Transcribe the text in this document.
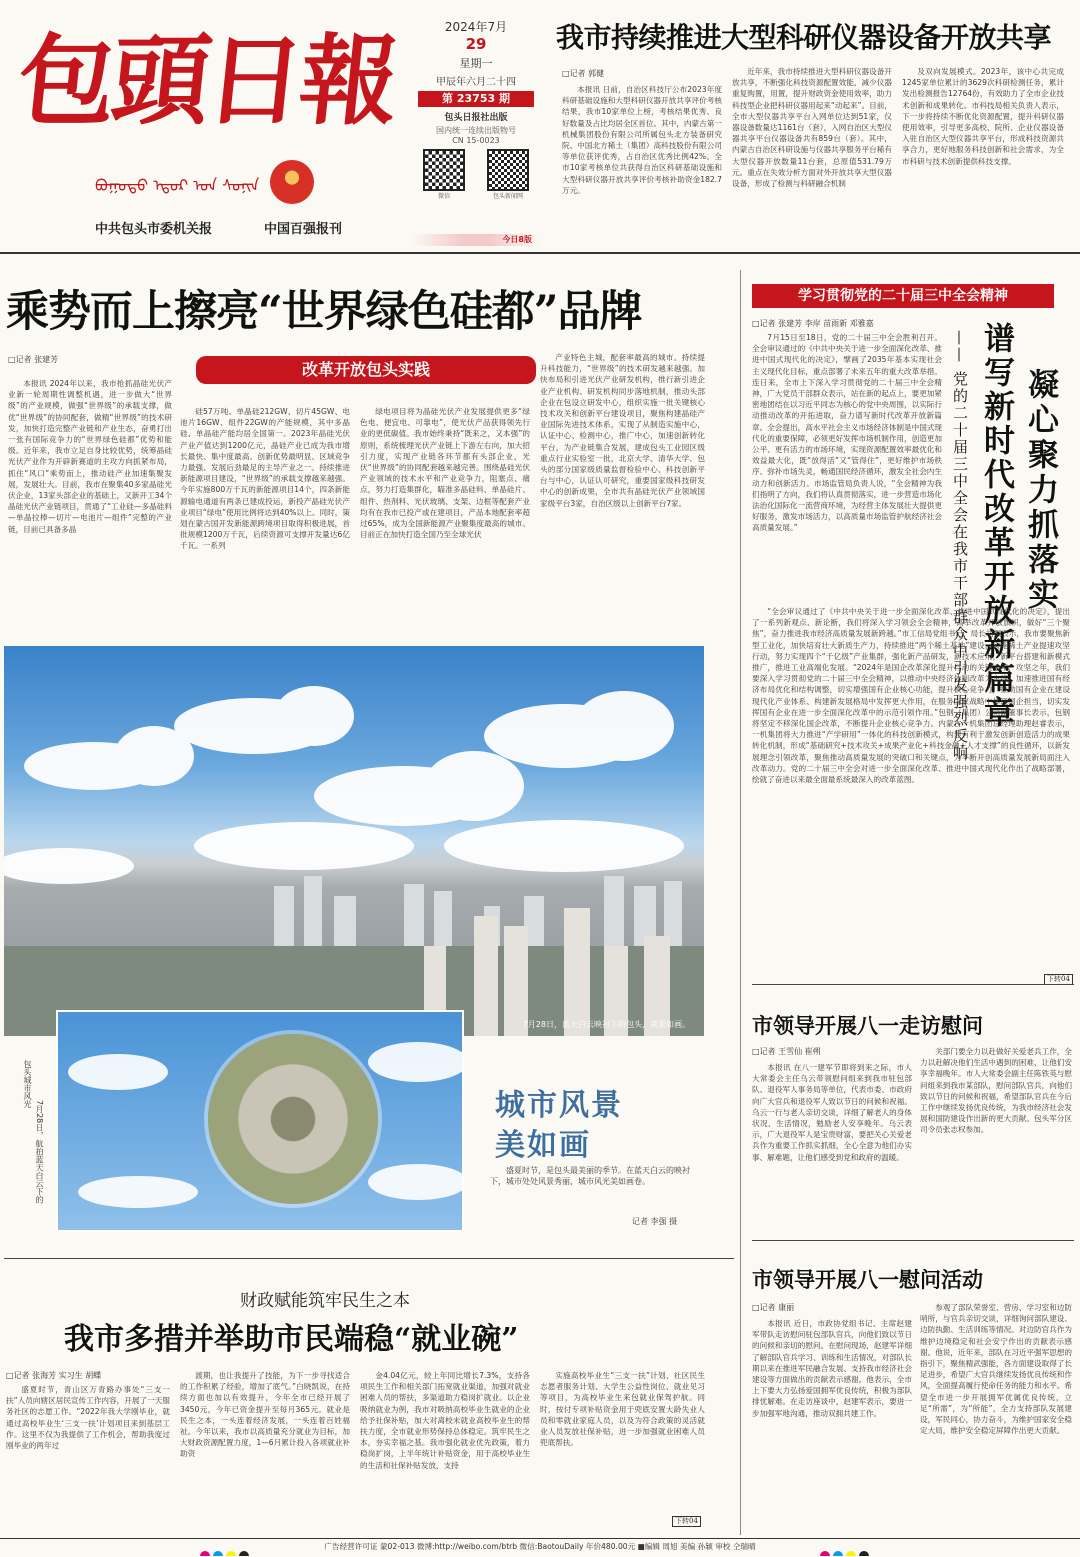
包頭日報
ᠪᠤᠭᠤᠲᠤ ᠡᠳᠦᠷ ᠤᠨ ᠰᠣᠨᠢᠨ
中共包头市委机关报	中国百强报刊
2024年7月
29
星期一
甲辰年六月二十四
第 23753 期
包头日报社出版
国内统一连续出版物号
CN 15-0023
微信	包头新闻网
今日8版
我市持续推进大型科研仪器设备开放共享
□记者 郭健

本报讯 日前，自治区科技厅公布2023年度科研基础设施和大型科研仪器开放共享评价考核结果，我市10家单位上榜，考核结果优秀、良好数量及占比均居全区首位。其中，内蒙古第一机械集团股份有限公司所属包头北方装备研究院、中国北方稀土（集团）高科技股份有限公司等单位获评优秀，占自治区优秀比例42%。全市10家考核单位共获得自治区科研基础设施和大型科研仪器开放共享评价考核补助资金182.7万元。

近年来，我市持续推进大型科研仪器设备开放共享，不断强化科技资源配置效能，减少仪器重复购置，用置，提升财政资金使用效率，助力科技型企业把科研仪器用起来“动起来”。目前，全市大型仪器共享平台入网单位达到51家，仪器设备数量达1161台（套），入网自治区大型仪器共享平台仪器设备共有859台（套）。其中，内蒙古自治区科研设施与仪器共享服务平台稀有大型仪器开放数量11台套，总原值531.79万元。重点在失效分析方面对外开放共享大型仪器设备，形成了检测与科研融合机制

及双向发展模式。2023年，该中心共完成1245家单位累计的3629次科研检测任务，累计发出检测报告12764份，有效助力了全市企业技术创新和成果转化。市科技局相关负责人表示，下一步将持续不断优化资源配置，提升科研仪器使用效率，引导更多高校、院所、企业仪器设备入驻自治区大型仪器共享平台，形成科技资源共享合力，更好地服务科技创新和社会需求，为全市科研与技术创新提供科技支撑。

乘势而上擦亮“世界绿色硅都”品牌
□记者 张建芳
改革开放包头实践

本报讯 2024年以来，我市抢抓晶硅光伏产业新一轮周期性调整机遇，进一步做大“世界级”的产业规模，做强“世界级”的承载支撑，做优“世界级”的协同配套，做精“世界级”的技术研发，加快打造完整产业链和产业生态，奋勇打出一张有国际竞争力的“世界绿色硅都”优势和能级。近年来，我市立足自身比较优势，统筹晶硅光伏产业作为开辟新赛道的主攻方向抓紧布局，抓住“风口”乘势而上，推动硅产业加速集聚发展，发展壮大。目前，我市在聚集40多家晶硅光伏企业，13家头部企业的基础上，又新开工34个晶硅光伏产业链项目，贯通了“工业硅—多晶硅料—单晶拉棒—切片—电池片—组件”完整的产业链，目前已具备多晶

硅57万吨、单晶硅212GW、切片45GW、电池片16GW、组件22GW的产能规模，其中多晶硅、单晶硅产能均居全国第一。2023年晶硅光伏产业产值达到1200亿元，晶硅产业已成为我市增长最快、集中度最高、创新优势最明显、区域竞争力最强、发展后劲最足的主导产业之一。持续推进新能源项目建设，“世界级”的承载支撑越来越强。今年实施800万千瓦的新能源项目14个，四条新能源输电通道有两条已建成投运，新投产晶硅光伏产业项目“绿电”使用比例将达到40%以上。同时，策划在蒙古国开发新能源跨境项目取得积极进展，首批规模1200万千瓦，后续资源可支撑开发量达6亿千瓦。一系列

绿电项目将为晶硅光伏产业发展提供更多“绿色电、便宜电、可靠电”，使光伏产品获得领先行业的更低碳值。我市始终秉持“既来之，又本强”的原则，系统梳理光伏产业链上下游左右向，加大招引力度，实现产业链各环节都有头部企业，光伏“世界级”的协同配套越来越完善。围绕晶硅光伏产业领域的技术水平和产业竞争力，阻塞点、痛点，努力打造集群化，瞄准多晶硅料、单晶硅片、组件、热剂料、光伏玻璃、支架、边框等配套产业均有在我市已投产或在建项目，产品本地配套率超过65%，成为全国新能源产业聚集度最高的城市。目前正在加快打造全国乃至全球光伏

产业特色主城，配套率最高的城市。持续提升科技能力，“世界级”的技术研发越来越强。加快布局和引进光伏产业研发机构，推行新引进企业产业机构、研发机构同步落地机制，推动头部企业在包设立研发中心，组织实施一批关键核心技术攻关和创新平台建设项目，聚焦构建晶硅产业国际先进技术体系，实现了从制造实施中心，认证中心、检测中心，推广中心，加速创新转化平台，为产业链集合发展，建成包头工业园区级重点行业实验室一批，北京大学、清华大学、包头的部分国家级质量监督检验中心、科技创新平台与中心，认证认可研究，重要国家级科技研发中心的创新成果，全市共有晶硅光伏产业领域国家级平台3家，自治区级以上创新平台7家。

7月28日，蓝天白云映衬下的包头，美景如画。
包头城市风光
7月28日，航拍蓝天白云下的	城市风景
美如画

盛夏时节，是包头最美丽的季节。在蓝天白云的映衬下，城市处处风景秀丽，城市风光美如画卷。

记者 李强 摄
学习贯彻党的二十届三中全会精神
□记者 张建芳 李岸 苗雨新 邓雅嘉
凝心聚力抓落实
谱写新时代改革开放新篇章
—— 党的二十届三中全会在我市干部群众中引发强烈反响

7月15日至18日，党的二十届三中全会胜利召开。全会审议通过的《中共中央关于进一步全面深化改革、推进中国式现代化的决定》，擘画了2035年基本实现社会主义现代化目标，重点部署了未来五年的重大改革举措。连日来，全市上下深入学习贯彻党的二十届三中全会精神，广大党员干部群众表示，站在新的起点上，要更加紧密地团结在以习近平同志为核心的党中央周围，以实际行动推动改革的开拓进取，奋力谱写新时代改革开放新篇章。全会提出，高水平社会主义市场经济体制是中国式现代化的重要保障，必须更好发挥市场机制作用，创造更加公平、更有活力的市场环境，实现资源配置效率最优化和效益最大化，既“放得活”又“管得住”，更好维护市场秩序、弥补市场失灵，畅通国民经济循环，激发全社会内生动力和创新活力。市场监管局负责人说，“全会精神为我们指明了方向，我们将认真贯彻落实，进一步营造市场化法治化国际化一流营商环境，为经营主体发展壮大提供更好服务，激发市场活力，以高质量市场监管护航经济社会高质量发展。”

“全会审议通过了《中共中央关于进一步全面深化改革、推进中国式现代化的决定》，提出了一系列新观点、新论断，我们将深入学习领会全会精神，高举改革开放旗帜，做好“三个聚焦”，奋力推进我市经济高质量发展新跨越。”市工信局党组书记、局长胡振表示，我市要聚焦新型工业化，加快培育壮大新质生产力，持续推进“两个稀土基地”建设，实施稀土产业提速攻坚行动，努力实现四个“千亿级”产业集群，强化新产品研发，新技术应用，新平台搭建和新模式推广，推进工业高端化发展。“2024年是国企改革深化提升行动的关键之年，攻坚之年，我们要深入学习贯彻党的二十届三中全会精神，以推动中央经济体制改革为主线，加速推进国有经济布局优化和结构调整，切实增强国有企业核心功能，提升核心竞争力，推动国有企业在建设现代化产业体系、构建新发展格局中发挥更大作用，在服务国家战略中体现国企担当，切实发挥国有企业在进一步全面深化改革中的示范引领作用。”包钢（集团）公司副董事长表示，包钢将坚定不移深化国企改革，不断提升企业核心竞争力。内蒙古一机集团总经理助理赵睿表示，一机集团将大力推进“产学研用”一体化的科技创新模式，构建有利于激发创新创造活力的成果转化机制，形成“基础研究+技术攻关+成果产业化+科技金融+人才支撑”的良性循环，以新发展理念引领改革，聚焦推动高质量发展的突破口和关键点，为不断开创高质量发展新局面注入改革动力。党的二十届三中全会对进一步全面深化改革、推进中国式现代化作出了战略部署，绘就了奋进以来最全面最系统最深入的改革蓝图。

下转04
市领导开展八一走访慰问
□记者 王雪仙 崔朔

本报讯 在八一建军节即将到来之际，市人大常委会主任乌云带领慰问组来到我市驻包部队、退役军人事务局等单位，代表市委、市政府向广大官兵和退役军人致以节日的问候和祝福。乌云一行与老人亲切交谈，详细了解老人的身体状况、生活情况，勉励老人安享晚年。乌云表示，广大退役军人是宝贵财富，要把关心关爱老兵作为重要工作抓实抓细，全心全意为他们办实事、解难题，让他们感受到党和政府的温暖。

关部门要全力以赴做好关爱老兵工作，全力以赴解决他们生活中遇到的困难，让他们安享幸福晚年。市人大常委会副主任陈铁英与慰问组来到我市某部队，慰问部队官兵，向他们致以节日的问候和祝福，希望部队官兵在今后工作中继续发扬优良传统，为我市经济社会发展和国防建设作出新的更大贡献。包头军分区司令员张志权参加。

市领导开展八一慰问活动
□记者 康丽

本报讯 近日，市政协党组书记、主席赵建军带队走访慰问驻包部队官兵，向他们致以节日的问候和亲切的慰问。在慰问现场，赵建军详细了解部队官兵学习、训练和生活情况，对部队长期以来在推进军民融合发展、支持我市经济社会建设等方面做出的贡献表示感谢。他表示，全市上下要大力弘扬爱国拥军优良传统，积极为部队排忧解难。在走访座谈中，赵建军表示，要进一步加强军地沟通，推动双拥共建工作。

参观了部队荣誉室、营房、学习室和边防哨所，与官兵亲切交谈，详细询问部队建设、边防执勤、生活训练等情况。对边防官兵作为维护边境稳定和社会安宁作出的贡献表示感谢。他说，近年来，部队在习近平强军思想的指引下，聚焦精武强能，各方面建设取得了长足进步，希望广大官兵继续发扬优良传统和作风，全面提高履行使命任务的能力和水平。希望全市进一步开展拥军优属优良传统，立足“所需”，为“所能”，全力支持部队发展建设，军民同心，协力奋斗，为维护国家安全稳定大局，维护安全稳定屏障作出更大贡献。

财政赋能筑牢民生之本
我市多措并举助市民端稳“就业碗”
□记者 张海芳 实习生 胡蝶

盛夏时节，青山区万青路办事处“三支一扶”人员向辖区居民宣传工作内容，开展了一天服务社区的志愿工作。“2022年我大学刚毕业，就通过高校毕业生‘三支一扶’计划项目来到基层工作。这里不仅为我提供了工作机会，帮助我度过刚毕业的两年过

渡期，也让我提升了技能，为下一步寻找适合的工作积累了经验，增加了底气。”白晓凯说，在持续方面也加以有效提升，今年全市已经开展了3450元，今年已资金提升至每月365元。就业是民生之本，一头连着经济发展，一头连着百姓福祉。今年以来，我市以高质量充分就业为目标，加大财政资源配置力度，1—6月累计投入各项就业补助资

金4.04亿元，较上年同比增长7.3%，支持各项民生工作和相关部门拓宽就业渠道，加强对就业困难人员的帮扶，多渠道助力稳岗扩就业。以企业吸纳就业为例，我市对吸纳高校毕业生就业的企业给予社保补贴，加大对离校未就业高校毕业生的帮扶力度，全市就业形势保持总体稳定。筑牢民生之本，夯实幸福之基。我市强化就业优先政策，着力稳岗扩岗，上半年统计补贴资金，用于高校毕业生的生活和社保补贴发放，支持

实施高校毕业生“三支一扶”计划、社区民生志愿者服务计划、大学生公益性岗位、就业见习等项目，为高校毕业生来包就业保驾护航。同时，按付专项补贴资金用于兜底安置大龄失业人员和零就业家庭人员，以及为符合政策的灵活就业人员发放社保补贴，进一步加强就业困难人员兜底帮扶。

下转04
广告经营许可证 蒙02-013 微博:http://weibo.com/btrb 微信:BaotouDaily 年价480.00元 ■编辑 周旭 美编 孙颖 审校 仝瑞晴
